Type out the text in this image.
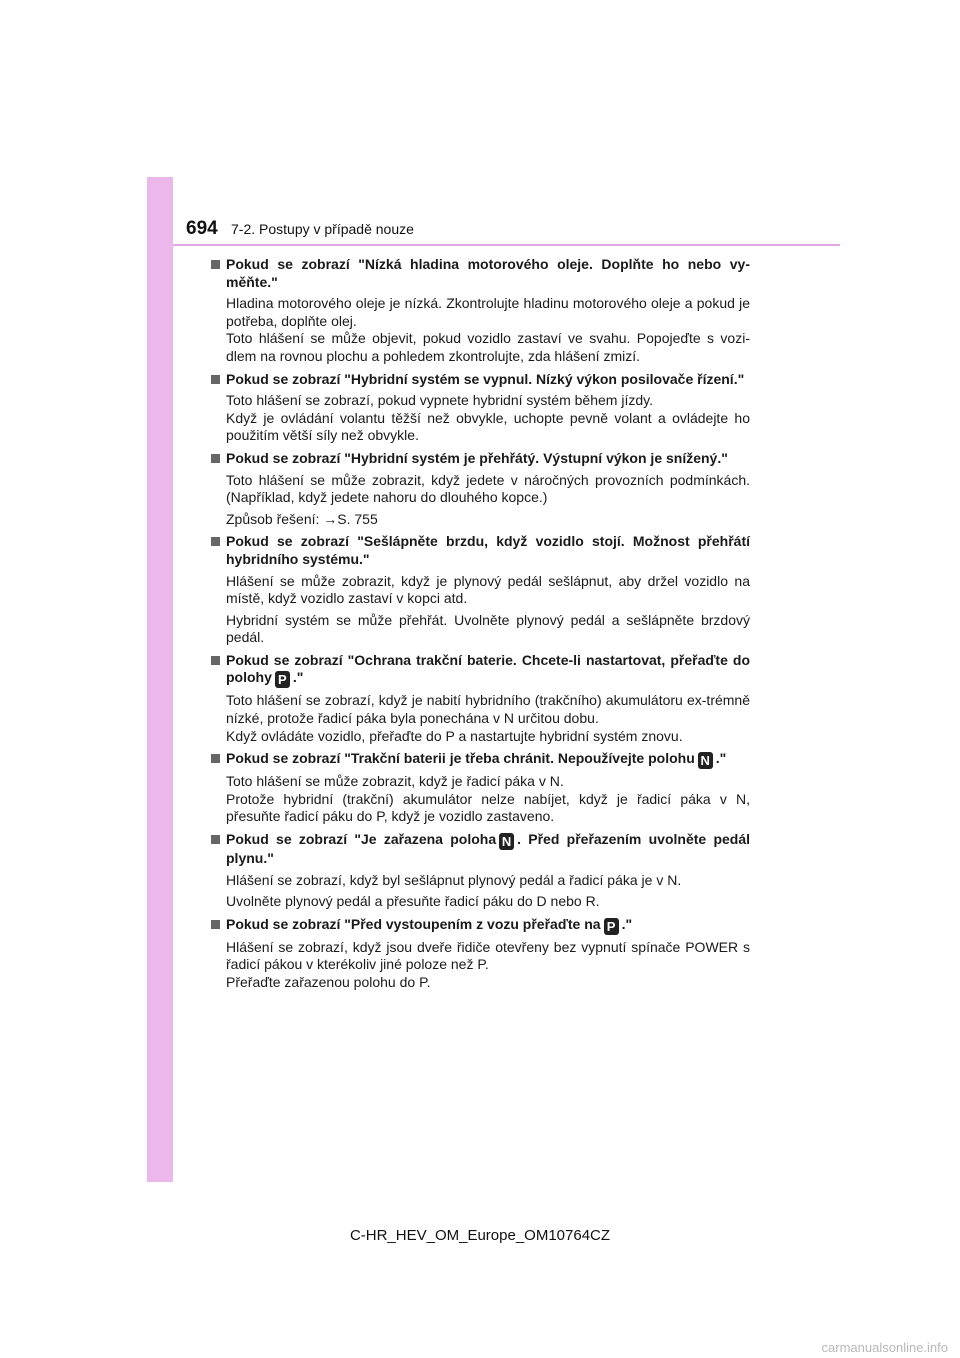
694 7-2. Postupy v případě nouze
Pokud se zobrazí "Nízká hladina motorového oleje. Doplňte ho nebo vy-měňte."
Hladina motorového oleje je nízká. Zkontrolujte hladinu motorového oleje a pokud je potřeba, doplňte olej.
Toto hlášení se může objevit, pokud vozidlo zastaví ve svahu. Popojeďte s vozi-dlem na rovnou plochu a pohledem zkontrolujte, zda hlášení zmizí.
Pokud se zobrazí "Hybridní systém se vypnul. Nízký výkon posilovače řízení."
Toto hlášení se zobrazí, pokud vypnete hybridní systém během jízdy.
Když je ovládání volantu těžší než obvykle, uchopte pevně volant a ovládejte ho použitím větší síly než obvykle.
Pokud se zobrazí "Hybridní systém je přehřátý. Výstupní výkon je snížený."
Toto hlášení se může zobrazit, když jedete v náročných provozních podmínkách. (Například, když jedete nahoru do dlouhého kopce.)
Způsob řešení: →S. 755
Pokud se zobrazí "Sešlápněte brzdu, když vozidlo stojí. Možnost přehřátí hybridního systému."
Hlášení se může zobrazit, když je plynový pedál sešlápnut, aby držel vozidlo na místě, když vozidlo zastaví v kopci atd.
Hybridní systém se může přehřát. Uvolněte plynový pedál a sešlápněte brzdový pedál.
Pokud se zobrazí "Ochrana trakční baterie. Chcete-li nastartovat, přeřaďte do polohy P ."
Toto hlášení se zobrazí, když je nabití hybridního (trakčního) akumulátoru ex-trémně nízké, protože řadicí páka byla ponechána v N určitou dobu.
Když ovládáte vozidlo, přeřaďte do P a nastartujte hybridní systém znovu.
Pokud se zobrazí "Trakční baterii je třeba chránit. Nepoužívejte polohu N ."
Toto hlášení se může zobrazit, když je řadicí páka v N.
Protože hybridní (trakční) akumulátor nelze nabíjet, když je řadicí páka v N, přesuňte řadicí páku do P, když je vozidlo zastaveno.
Pokud se zobrazí "Je zařazena poloha N . Před přeřazením uvolněte pedál plynu."
Hlášení se zobrazí, když byl sešlápnut plynový pedál a řadicí páka je v N.
Uvolněte plynový pedál a přesuňte řadicí páku do D nebo R.
Pokud se zobrazí "Před vystoupením z vozu přeřaďte na P ."
Hlášení se zobrazí, když jsou dveře řidiče otevřeny bez vypnutí spínače POWER s řadicí pákou v kterékoliv jiné poloze než P.
Přeřaďte zařazenou polohu do P.
C-HR_HEV_OM_Europe_OM10764CZ
carmanualsonline.info
